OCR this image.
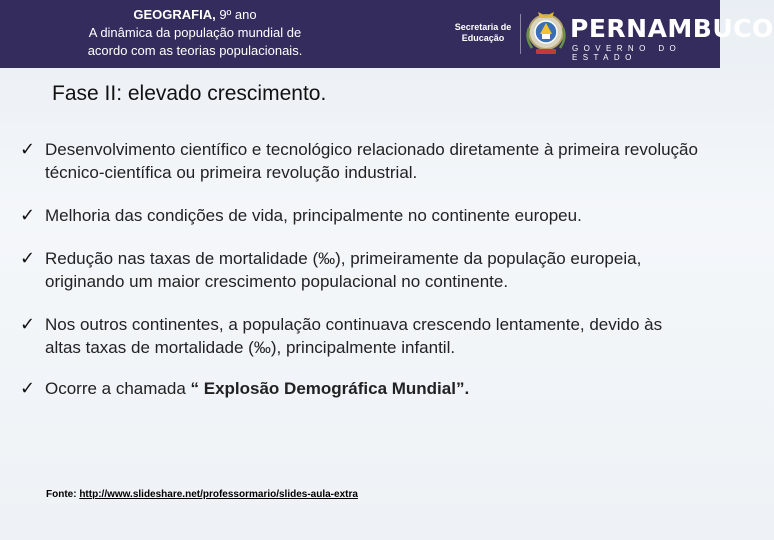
GEOGRAFIA, 9º ano
A dinâmica da população mundial de
acordo com as teorias populacionais.
Secretaria de
Educação	PERNAMBUCO
GOVERNO DO ESTADO
Fase II: elevado crescimento.
✓ Desenvolvimento científico e tecnológico relacionado diretamente à primeira revolução técnico-científica ou primeira revolução industrial.
✓ Melhoria das condições de vida, principalmente no continente europeu.
✓ Redução nas taxas de mortalidade (‰), primeiramente da população europeia, originando um maior crescimento populacional no continente.
✓ Nos outros continentes, a população continuava crescendo lentamente, devido às altas taxas de mortalidade (‰), principalmente infantil.
✓ Ocorre a chamada “ Explosão Demográfica Mundial”.
Fonte: http://www.slideshare.net/professormario/slides-aula-extra
